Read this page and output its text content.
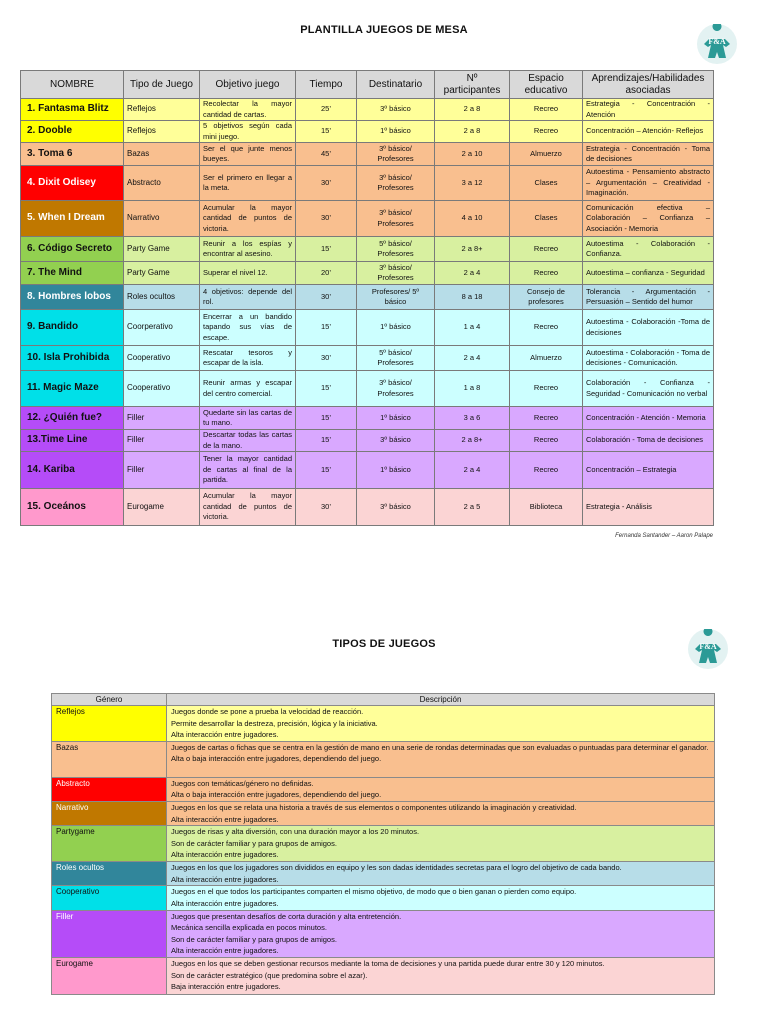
PLANTILLA JUEGOS DE MESA
F&A
NOMBRE	Tipo de Juego	Objetivo juego	Tiempo	Destinatario	Nº participantes	Espacio educativo	Aprendizajes/Habilidades asociadas
1. Fantasma Blitz	Reflejos	Recolectar la mayor cantidad de cartas.	25’	3º básico	2 a 8	Recreo	Estrategia - Concentración - Atención
2. Dooble	Reflejos	5 objetivos según cada mini juego.	15’	1º básico	2 a 8	Recreo	Concentración – Atención- Reflejos
3. Toma 6	Bazas	Ser el que junte menos bueyes.	45’	3º básico/ Profesores	2 a 10	Almuerzo	Estrategia - Concentración - Toma de decisiones
4. Dixit Odisey	Abstracto	Ser el primero en llegar a la meta.	30’	3º básico/ Profesores	3 a 12	Clases	Autoestima - Pensamiento abstracto – Argumentación – Creatividad - Imaginación.
5. When I Dream	Narrativo	Acumular la mayor cantidad de puntos de victoria.	30’	3º básico/ Profesores	4 a 10	Clases	Comunicación efectiva – Colaboración – Confianza – Asociación - Memoria
6. Código Secreto	Party Game	Reunir a los espías y encontrar al asesino.	15’	5º básico/ Profesores	2 a 8+	Recreo	Autoestima - Colaboración - Confianza.
7. The Mind	Party Game	Superar el nivel 12.	20’	3º básico/ Profesores	2 a 4	Recreo	Autoestima – confianza - Seguridad
8. Hombres lobos	Roles ocultos	4 objetivos: depende del rol.	30’	Profesores/ 5º básico	8 a 18	Consejo de profesores	Tolerancia - Argumentación - Persuasión – Sentido del humor
9. Bandido	Coorperativo	Encerrar a un bandido tapando sus vías de escape.	15’	1º básico	1 a 4	Recreo	Autoestima - Colaboración -Toma de decisiones
10. Isla Prohibida	Cooperativo	Rescatar tesoros y escapar de la isla.	30’	5º básico/ Profesores	2 a 4	Almuerzo	Autoestima - Colaboración - Toma de decisiones - Comunicación.
11. Magic Maze	Cooperativo	Reunir armas y escapar del centro comercial.	15’	3º básico/ Profesores	1 a 8	Recreo	Colaboración - Confianza - Seguridad - Comunicación no verbal
12. ¿Quién fue?	Filler	Quedarte sin las cartas de tu mano.	15’	1º básico	3 a 6	Recreo	Concentración - Atención - Memoria
13.Time Line	Filler	Descartar todas las cartas de la mano.	15’	3º básico	2 a 8+	Recreo	Colaboración - Toma de decisiones
14. Kariba	Filler	Tener la mayor cantidad de cartas al final de la partida.	15’	1º básico	2 a 4	Recreo	Concentración – Estrategia
15. Oceános	Eurogame	Acumular la mayor cantidad de puntos de victoria.	30’	3º básico	2 a 5	Biblioteca	Estrategia - Análisis
Fernanda Santander – Aaron Palape
TIPOS DE JUEGOS	F&A
Género	Descripción
Reflejos	Juegos donde se pone a prueba la velocidad de reacción.
Permite desarrollar la destreza, precisión, lógica y la iniciativa.
Alta interacción entre jugadores.

Bazas	Juegos de cartas o fichas que se centra en la gestión de mano en una serie de rondas determinadas que son evaluadas o puntuadas para determinar el ganador.
Alta o baja interacción entre jugadores, dependiendo del juego.

Abstracto	Juegos con temáticas/género no definidas.
Alta o baja interacción entre jugadores, dependiendo del juego.

Narrativo	Juegos en los que se relata una historia a través de sus elementos o componentes utilizando la imaginación y creatividad.
Alta interacción entre jugadores.

Partygame	Juegos de risas y alta diversión, con una duración mayor a los 20 minutos.
Son de carácter familiar y para grupos de amigos.
Alta interacción entre jugadores.

Roles ocultos	Juegos en los que los jugadores son divididos en equipo y les son dadas identidades secretas para el logro del objetivo de cada bando.
Alta interacción entre jugadores.

Cooperativo	Juegos en el que todos los participantes comparten el mismo objetivo, de modo que o bien ganan o pierden como equipo.
Alta interacción entre jugadores.

Filler	Juegos que presentan desafíos de corta duración y alta entretención.
Mecánica sencilla explicada en pocos minutos.
Son de carácter familiar y para grupos de amigos.
Alta interacción entre jugadores.

Eurogame	Juegos en los que se deben gestionar recursos mediante la toma de decisiones y una partida puede durar entre 30 y 120 minutos.
Son de carácter estratégico (que predomina sobre el azar).
Baja interacción entre jugadores.
